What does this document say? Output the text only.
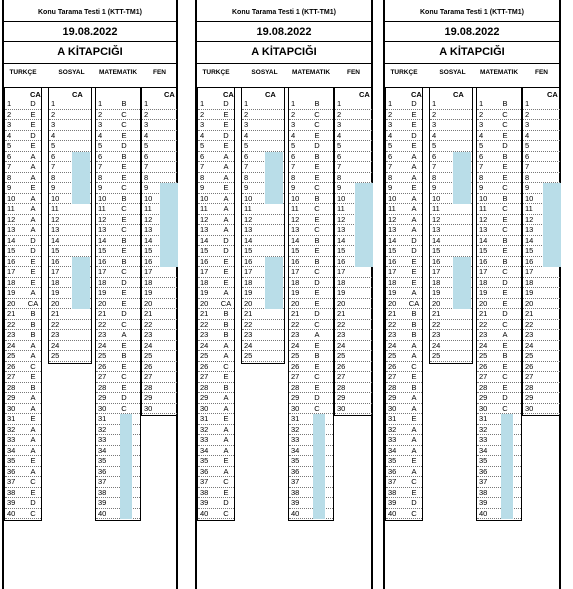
Konu Tarama Testi 1 (KTT-TM1)
19.08.2022
A KİTAPCIĞI
TÜRKÇE	SOSYAL	MATEMATİK	FEN
1	D
2	E
3	E
4	D
5	E
6	A
7	A
8	A
9	E
10	A
11	A
12	A
13	A
14	D
15	D
16	E
17	E
18	E
19	A
20 CA
21	B
22	B
23	B
24	A
25	A
26	C
27	E
28	B
29	A
30	A
31	E
32	A
33	A
34	A
35	E
36	A
37	C
38	E
39	D
40	C
CA
1
2
3
4
5
6
7
8
9
10
11
12
13
14
15
16
17
18
19
20
21
22
23
24
25
CA
1	B
2	C
3	C
4	E
5	D
6	B
7	E
8	E
9	C
10	B
11	C
12	E
13	C
14	B
15	E
16	B
17	C
18	D
19	E
20	E
21	D
22	C
23	A
24	E
25	B
26	E
27	C
28	E
29	D
30	C
31
32
33
34
35
36
37
38
39
40
1
2
3
4
5
6
7
8
9
10
11
12
13
14
15
16
17
18
19
20
21
22
23
24
25
26
27
28
29
30
CA
Konu Tarama Testi 1 (KTT-TM1)
19.08.2022
A KİTAPCIĞI
TÜRKÇE	SOSYAL	MATEMATİK	FEN
1	D
2	E
3	E
4	D
5	E
6	A
7	A
8	A
9	E
10	A
11	A
12	A
13	A
14	D
15	D
16	E
17	E
18	E
19	A
20 CA
21	B
22	B
23	B
24	A
25	A
26	C
27	E
28	B
29	A
30	A
31	E
32	A
33	A
34	A
35	E
36	A
37	C
38	E
39	D
40	C
CA
1
2
3
4
5
6
7
8
9
10
11
12
13
14
15
16
17
18
19
20
21
22
23
24
25
CA
1	B
2	C
3	C
4	E
5	D
6	B
7	E
8	E
9	C
10	B
11	C
12	E
13	C
14	B
15	E
16	B
17	C
18	D
19	E
20	E
21	D
22	C
23	A
24	E
25	B
26	E
27	C
28	E
29	D
30	C
31
32
33
34
35
36
37
38
39
40
1
2
3
4
5
6
7
8
9
10
11
12
13
14
15
16
17
18
19
20
21
22
23
24
25
26
27
28
29
30
CA
Konu Tarama Testi 1 (KTT-TM1)
19.08.2022
A KİTAPCIĞI
TÜRKÇE	SOSYAL	MATEMATİK	FEN
1	D
2	E
3	E
4	D
5	E
6	A
7	A
8	A
9	E
10	A
11	A
12	A
13	A
14	D
15	D
16	E
17	E
18	E
19	A
20 CA
21	B
22	B
23	B
24	A
25	A
26	C
27	E
28	B
29	A
30	A
31	E
32	A
33	A
34	A
35	E
36	A
37	C
38	E
39	D
40	C
CA
1
2
3
4
5
6
7
8
9
10
11
12
13
14
15
16
17
18
19
20
21
22
23
24
25
CA
1	B
2	C
3	C
4	E
5	D
6	B
7	E
8	E
9	C
10	B
11	C
12	E
13	C
14	B
15	E
16	B
17	C
18	D
19	E
20	E
21	D
22	C
23	A
24	E
25	B
26	E
27	C
28	E
29	D
30	C
31
32
33
34
35
36
37
38
39
40
1
2
3
4
5
6
7
8
9
10
11
12
13
14
15
16
17
18
19
20
21
22
23
24
25
26
27
28
29
30
CA
